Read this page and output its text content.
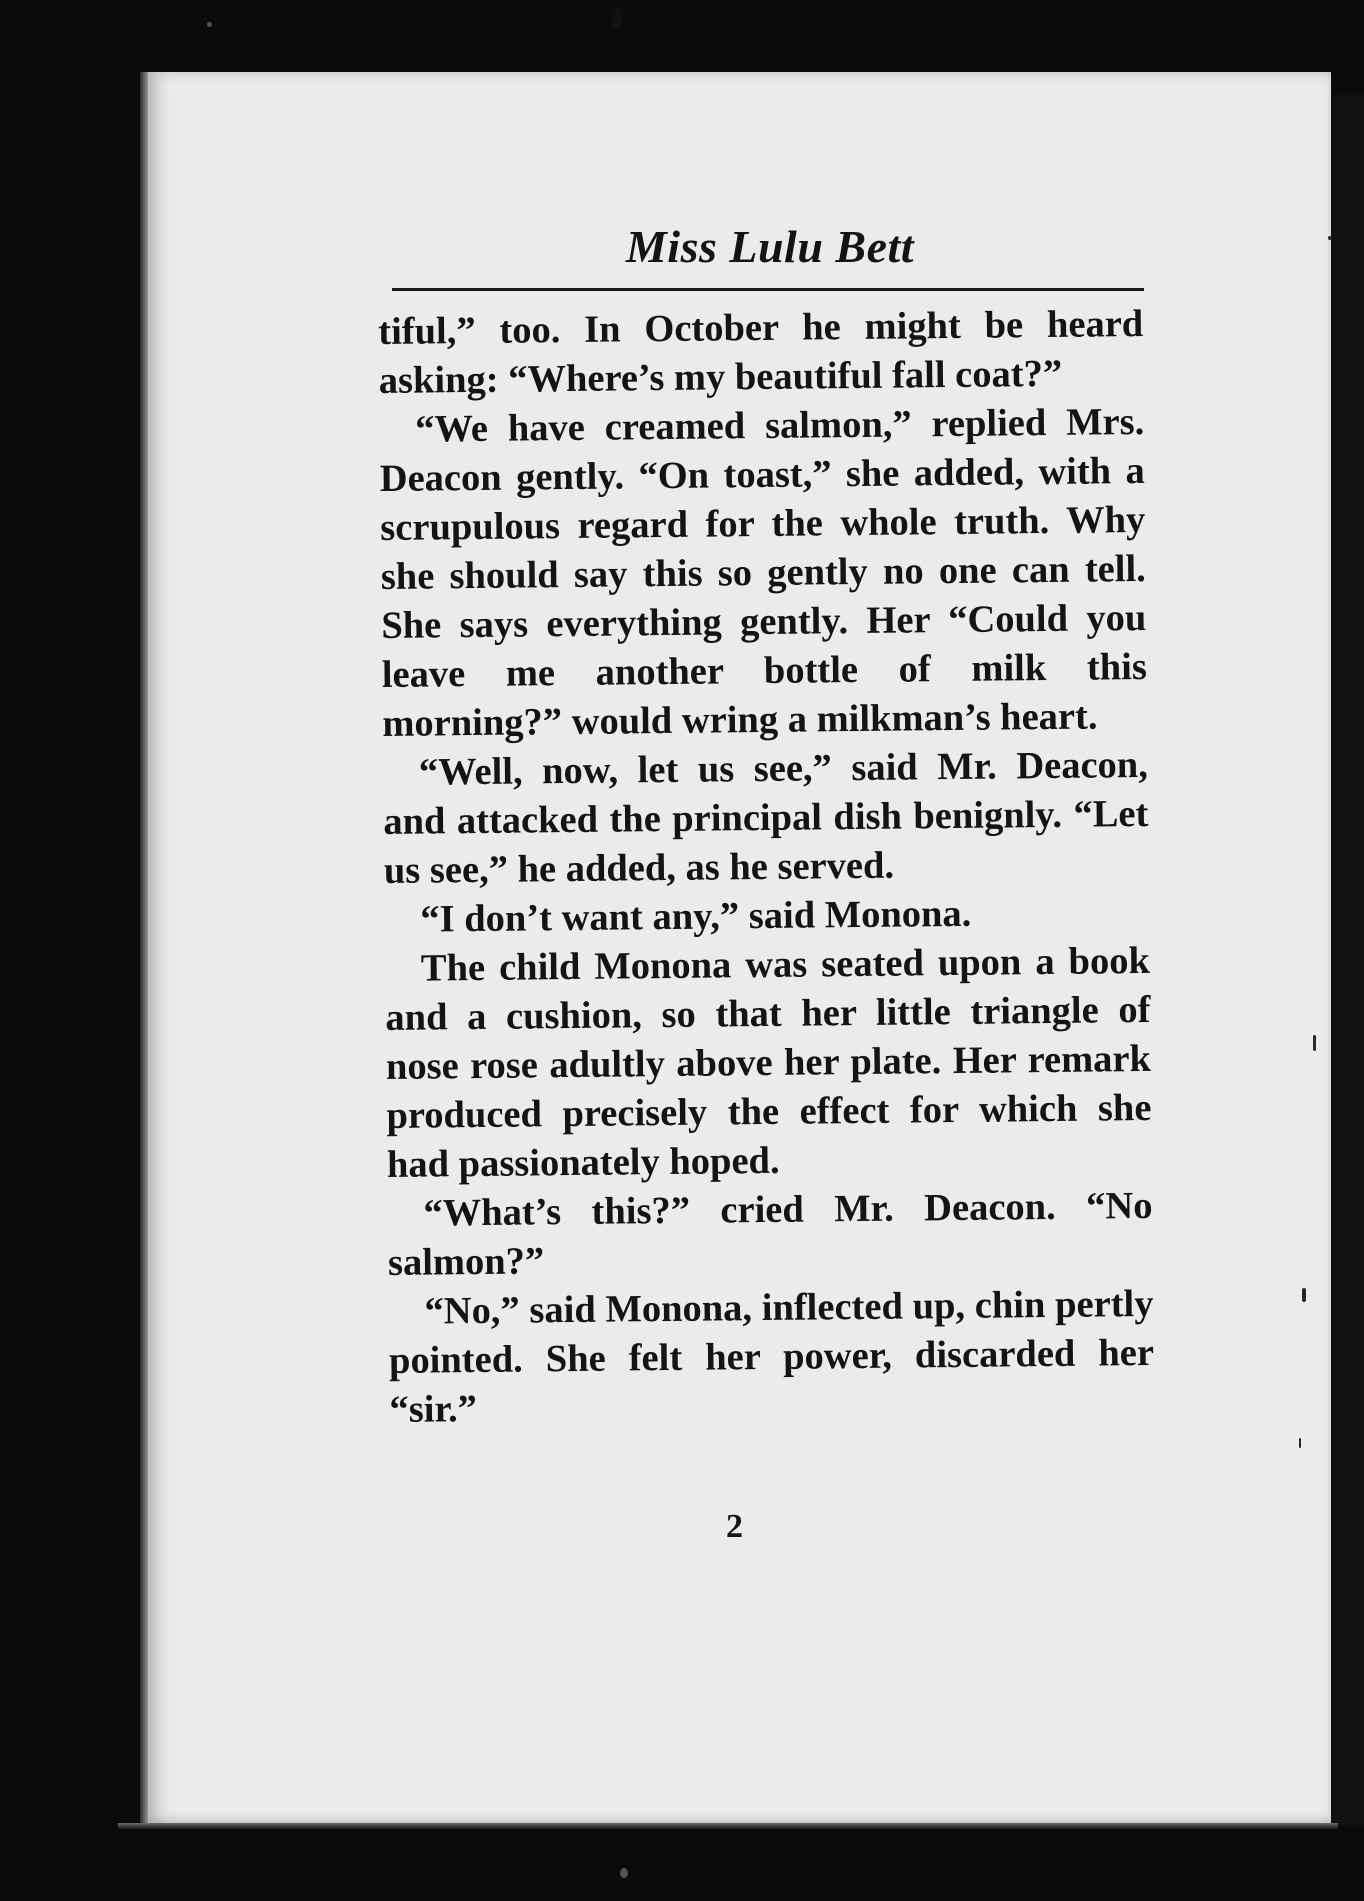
Miss Lulu Bett

tiful,” too. In October he might be heard asking: “Where’s my beautiful fall coat?”

“We have creamed salmon,” replied Mrs. Deacon gently. “On toast,” she added, with a scrupulous regard for the whole truth. Why she should say this so gently no one can tell. She says everything gently. Her “Could you leave me another bottle of milk this morning?” would wring a milkman’s heart.

“Well, now, let us see,” said Mr. Deacon, and attacked the principal dish benignly. “Let us see,” he added, as he served.

“I don’t want any,” said Monona.

The child Monona was seated upon a book and a cushion, so that her little triangle of nose rose adultly above her plate. Her remark produced precisely the effect for which she had passionately hoped.

“What’s this?” cried Mr. Deacon. “No salmon?”

“No,” said Monona, inflected up, chin pertly pointed. She felt her power, discarded her “sir.”

2
